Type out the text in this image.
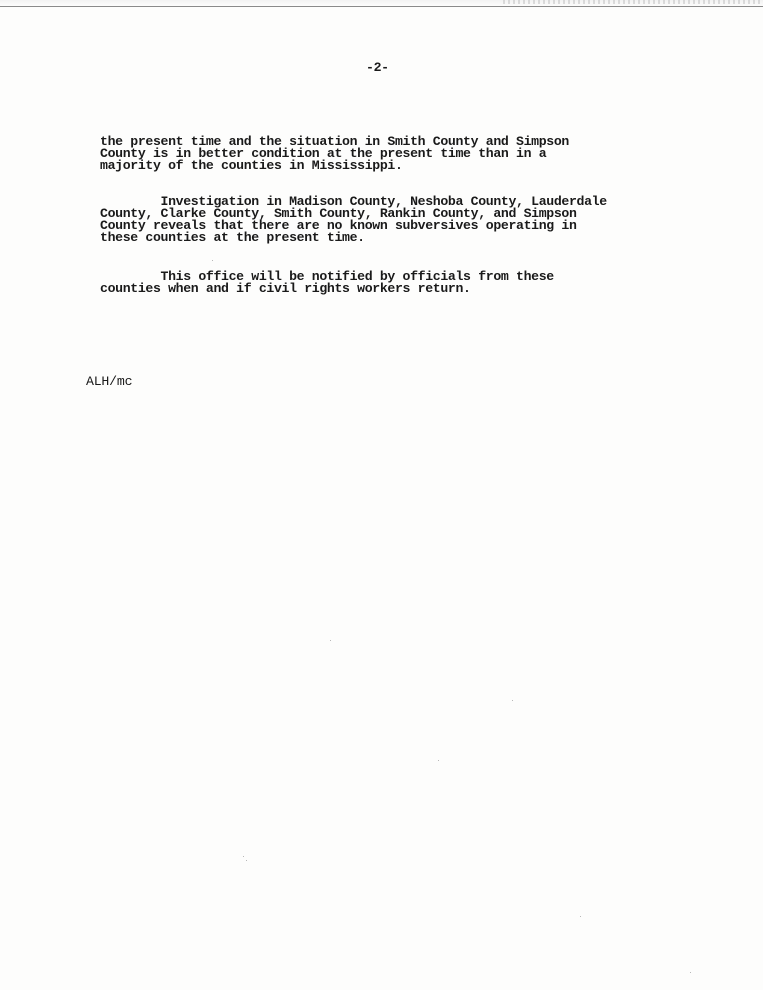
-2-
the present time and the situation in Smith County and Simpson
County is in better condition at the present time than in a
majority of the counties in Mississippi.
Investigation in Madison County, Neshoba County, Lauderdale
County, Clarke County, Smith County, Rankin County, and Simpson
County reveals that there are no known subversives operating in
these counties at the present time.
This office will be notified by officials from these
counties when and if civil rights workers return.
ALH/mc
